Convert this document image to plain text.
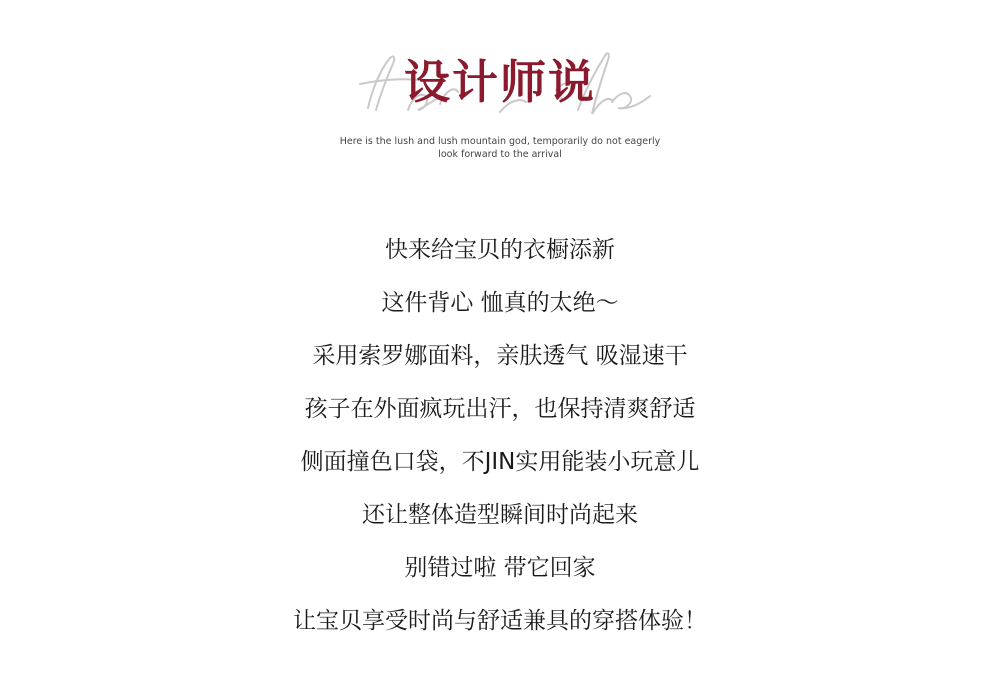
设计师说
Here is the lush and lush mountain god, temporarily do not eagerly
look forward to the arrival
快来给宝贝的衣橱添新
这件背心 恤真的太绝～
采用索罗娜面料，亲肤透气 吸湿速干
孩子在外面疯玩出汗，也保持清爽舒适
侧面撞色口袋，不JIN实用能装小玩意儿
还让整体造型瞬间时尚起来
别错过啦 带它回家
让宝贝享受时尚与舒适兼具的穿搭体验！
